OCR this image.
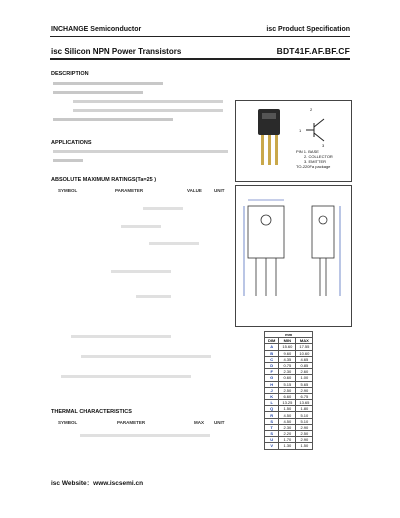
INCHANGE Semiconductor	isc Product Specification
isc Silicon NPN Power Transistors	BDT41F.AF.BF.CF
DESCRIPTION
2
1
3
PIN 1. BASE
2. COLLECTOR
3. EMITTER
TO-220Fa package
APPLICATIONS
ABSOLUTE MAXIMUM RATINGS(Ta=25 )
SYMBOL	PARAMETER	VALUE	UNIT
mm		
DIM	MIN	MAX
A	15.60	17.55
B	9.60	10.60
C	4.35	4.65
D	0.75	0.85
F	2.30	2.60
G	0.60	1.00
H	5.15	5.65
J	2.50	2.90
K	6.60	6.75
L	13.25	13.65
Q	1.50	1.80
R	4.50	5.10
S	4.50	5.10
T	2.30	2.90
S	2.20	2.50
U	1.70	2.90
V	1.30	1.50
THERMAL CHARACTERISTICS
SYMBOL	PARAMETER	MAX UNIT
isc Website：www.iscsemi.cn
